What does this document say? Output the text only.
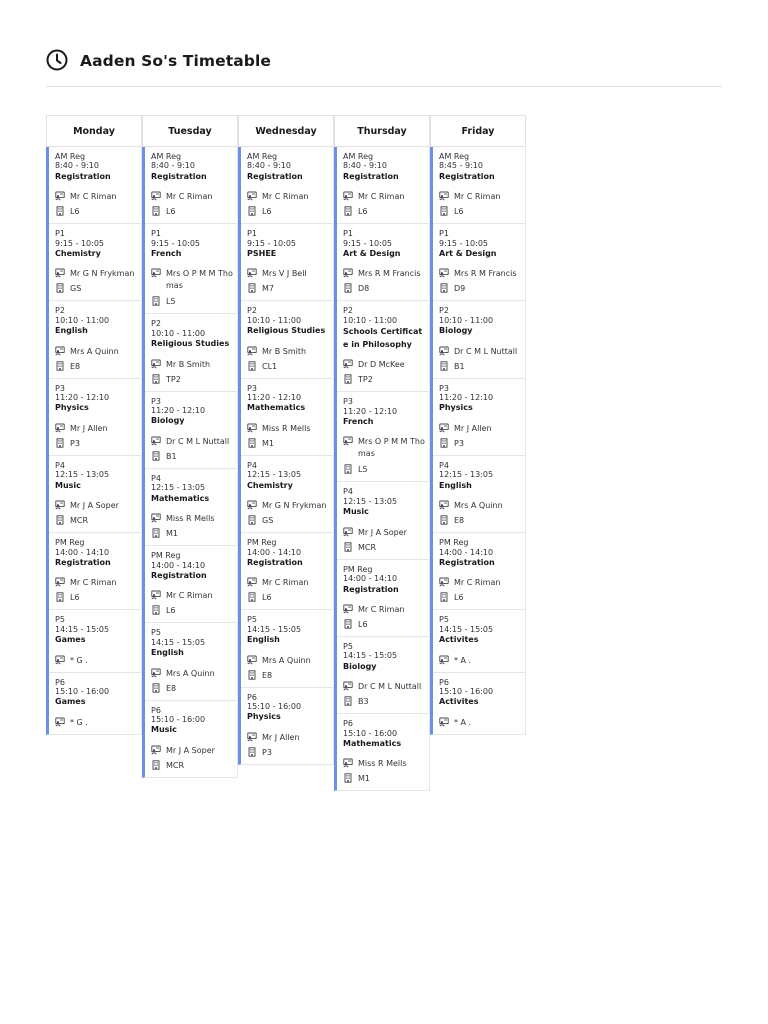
Aaden So's Timetable
Monday
AM Reg
8:40 - 9:10
Registration
Mr C Riman
L6
P1
9:15 - 10:05
Chemistry
Mr G N Frykman
GS
P2
10:10 - 11:00
English
Mrs A Quinn
E8
P3
11:20 - 12:10
Physics
Mr J Allen
P3
P4
12:15 - 13:05
Music
Mr J A Soper
MCR
PM Reg
14:00 - 14:10
Registration
Mr C Riman
L6
P5
14:15 - 15:05
Games
* G .
P6
15:10 - 16:00
Games
* G .
Tuesday
AM Reg
8:40 - 9:10
Registration
Mr C Riman
L6
P1
9:15 - 10:05
French
Mrs O P M M Thomas
L5
P2
10:10 - 11:00
Religious Studies
Mr B Smith
TP2
P3
11:20 - 12:10
Biology
Dr C M L Nuttall
B1
P4
12:15 - 13:05
Mathematics
Miss R Mells
M1
PM Reg
14:00 - 14:10
Registration
Mr C Riman
L6
P5
14:15 - 15:05
English
Mrs A Quinn
E8
P6
15:10 - 16:00
Music
Mr J A Soper
MCR
Wednesday
AM Reg
8:40 - 9:10
Registration
Mr C Riman
L6
P1
9:15 - 10:05
PSHEE
Mrs V J Bell
M7
P2
10:10 - 11:00
Religious Studies
Mr B Smith
CL1
P3
11:20 - 12:10
Mathematics
Miss R Mells
M1
P4
12:15 - 13:05
Chemistry
Mr G N Frykman
GS
PM Reg
14:00 - 14:10
Registration
Mr C Riman
L6
P5
14:15 - 15:05
English
Mrs A Quinn
E8
P6
15:10 - 16:00
Physics
Mr J Allen
P3
Thursday
AM Reg
8:40 - 9:10
Registration
Mr C Riman
L6
P1
9:15 - 10:05
Art & Design
Mrs R M Francis
D8
P2
10:10 - 11:00
Schools Certificate in Philosophy
Dr D McKee
TP2
P3
11:20 - 12:10
French
Mrs O P M M Thomas
L5
P4
12:15 - 13:05
Music
Mr J A Soper
MCR
PM Reg
14:00 - 14:10
Registration
Mr C Riman
L6
P5
14:15 - 15:05
Biology
Dr C M L Nuttall
B3
P6
15:10 - 16:00
Mathematics
Miss R Mells
M1
Friday
AM Reg
8:45 - 9:10
Registration
Mr C Riman
L6
P1
9:15 - 10:05
Art & Design
Mrs R M Francis
D9
P2
10:10 - 11:00
Biology
Dr C M L Nuttall
B1
P3
11:20 - 12:10
Physics
Mr J Allen
P3
P4
12:15 - 13:05
English
Mrs A Quinn
E8
PM Reg
14:00 - 14:10
Registration
Mr C Riman
L6
P5
14:15 - 15:05
Activites
* A .
P6
15:10 - 16:00
Activites
* A .
